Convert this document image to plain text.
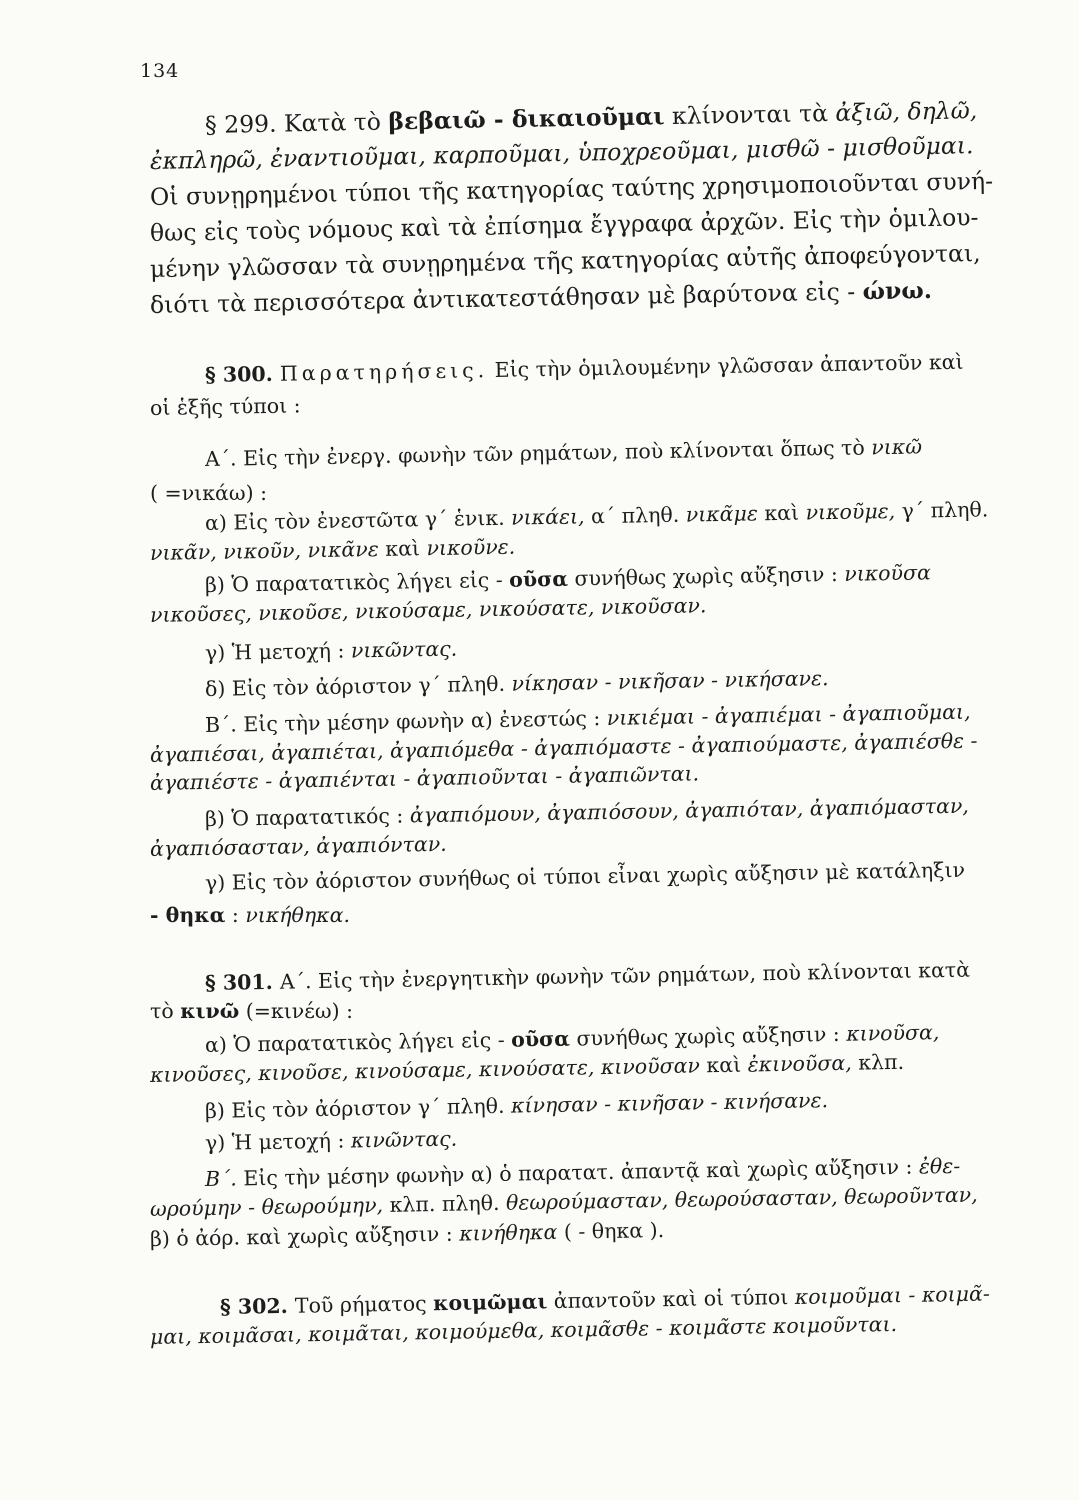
134
§ 299. Κατὰ τὸ βεβαιῶ - δικαιοῦμαι κλίνονται τὰ ἀξιῶ, δηλῶ,
ἐκπληρῶ, ἐναντιοῦμαι, καρποῦμαι, ὑποχρεοῦμαι, μισθῶ - μισθοῦμαι.
Οἱ συνῃρημένοι τύποι τῆς κατηγορίας ταύτης χρησιμοποιοῦνται συνή-
θως εἰς τοὺς νόμους καὶ τὰ ἐπίσημα ἔγγραφα ἀρχῶν. Εἰς τὴν ὁμιλου-
μένην γλῶσσαν τὰ συνῃρημένα τῆς κατηγορίας αὐτῆς ἀποφεύγονται,
διότι τὰ περισσότερα ἀντικατεστάθησαν μὲ βαρύτονα εἰς - ώνω.
§ 300. Παρατηρήσεις. Εἰς τὴν ὁμιλουμένην γλῶσσαν ἀπαντοῦν καὶ
οἱ ἑξῆς τύποι :
Α΄. Εἰς τὴν ἐνεργ. φωνὴν τῶν ρημάτων, ποὺ κλίνονται ὅπως τὸ νικῶ
( =νικάω) :
α) Εἰς τὸν ἐνεστῶτα γ΄ ἑνικ. νικάει, α΄ πληθ. νικᾶμε καὶ νικοῦμε, γ΄ πληθ.
νικᾶν, νικοῦν, νικᾶνε καὶ νικοῦνε.
β) Ὁ παρατατικὸς λήγει εἰς - οῦσα συνήθως χωρὶς αὔξησιν : νικοῦσα
νικοῦσες, νικοῦσε, νικούσαμε, νικούσατε, νικοῦσαν.
γ) Ἡ μετοχή : νικῶντας.
δ) Εἰς τὸν ἀόριστον γ΄ πληθ. νίκησαν - νικῆσαν - νικήσανε.
Β΄. Εἰς τὴν μέσην φωνὴν α) ἐνεστώς : νικιέμαι - ἀγαπιέμαι - ἀγαπιοῦμαι,
ἀγαπιέσαι, ἀγαπιέται, ἀγαπιόμεθα - ἀγαπιόμαστε - ἀγαπιούμαστε, ἀγαπιέσθε -
ἀγαπιέστε - ἀγαπιένται - ἀγαπιοῦνται - ἀγαπιῶνται.
β) Ὁ παρατατικός : ἀγαπιόμουν, ἀγαπιόσουν, ἀγαπιόταν, ἀγαπιόμασταν,
ἀγαπιόσασταν, ἀγαπιόνταν.
γ) Εἰς τὸν ἀόριστον συνήθως οἱ τύποι εἶναι χωρὶς αὔξησιν μὲ κατάληξιν
- θηκα : νικήθηκα.
§ 301. Α΄. Εἰς τὴν ἐνεργητικὴν φωνὴν τῶν ρημάτων, ποὺ κλίνονται κατὰ
τὸ κινῶ (=κινέω) :
α) Ὁ παρατατικὸς λήγει εἰς - οῦσα συνήθως χωρὶς αὔξησιν : κινοῦσα,
κινοῦσες, κινοῦσε, κινούσαμε, κινούσατε, κινοῦσαν καὶ ἐκινοῦσα, κλπ.
β) Εἰς τὸν ἀόριστον γ΄ πληθ. κίνησαν - κινῆσαν - κινήσανε.
γ) Ἡ μετοχή : κινῶντας.
Β΄. Εἰς τὴν μέσην φωνὴν α) ὁ παρατατ. ἀπαντᾷ καὶ χωρὶς αὔξησιν : ἐθε-
ωρούμην - θεωρούμην, κλπ. πληθ. θεωρούμασταν, θεωρούσασταν, θεωροῦνταν,
β) ὁ ἀόρ. καὶ χωρὶς αὔξησιν : κινήθηκα ( - θηκα ).
§ 302. Τοῦ ρήματος κοιμῶμαι ἀπαντοῦν καὶ οἱ τύποι κοιμοῦμαι - κοιμᾶ-
μαι, κοιμᾶσαι, κοιμᾶται, κοιμούμεθα, κοιμᾶσθε - κοιμᾶστε κοιμοῦνται.
